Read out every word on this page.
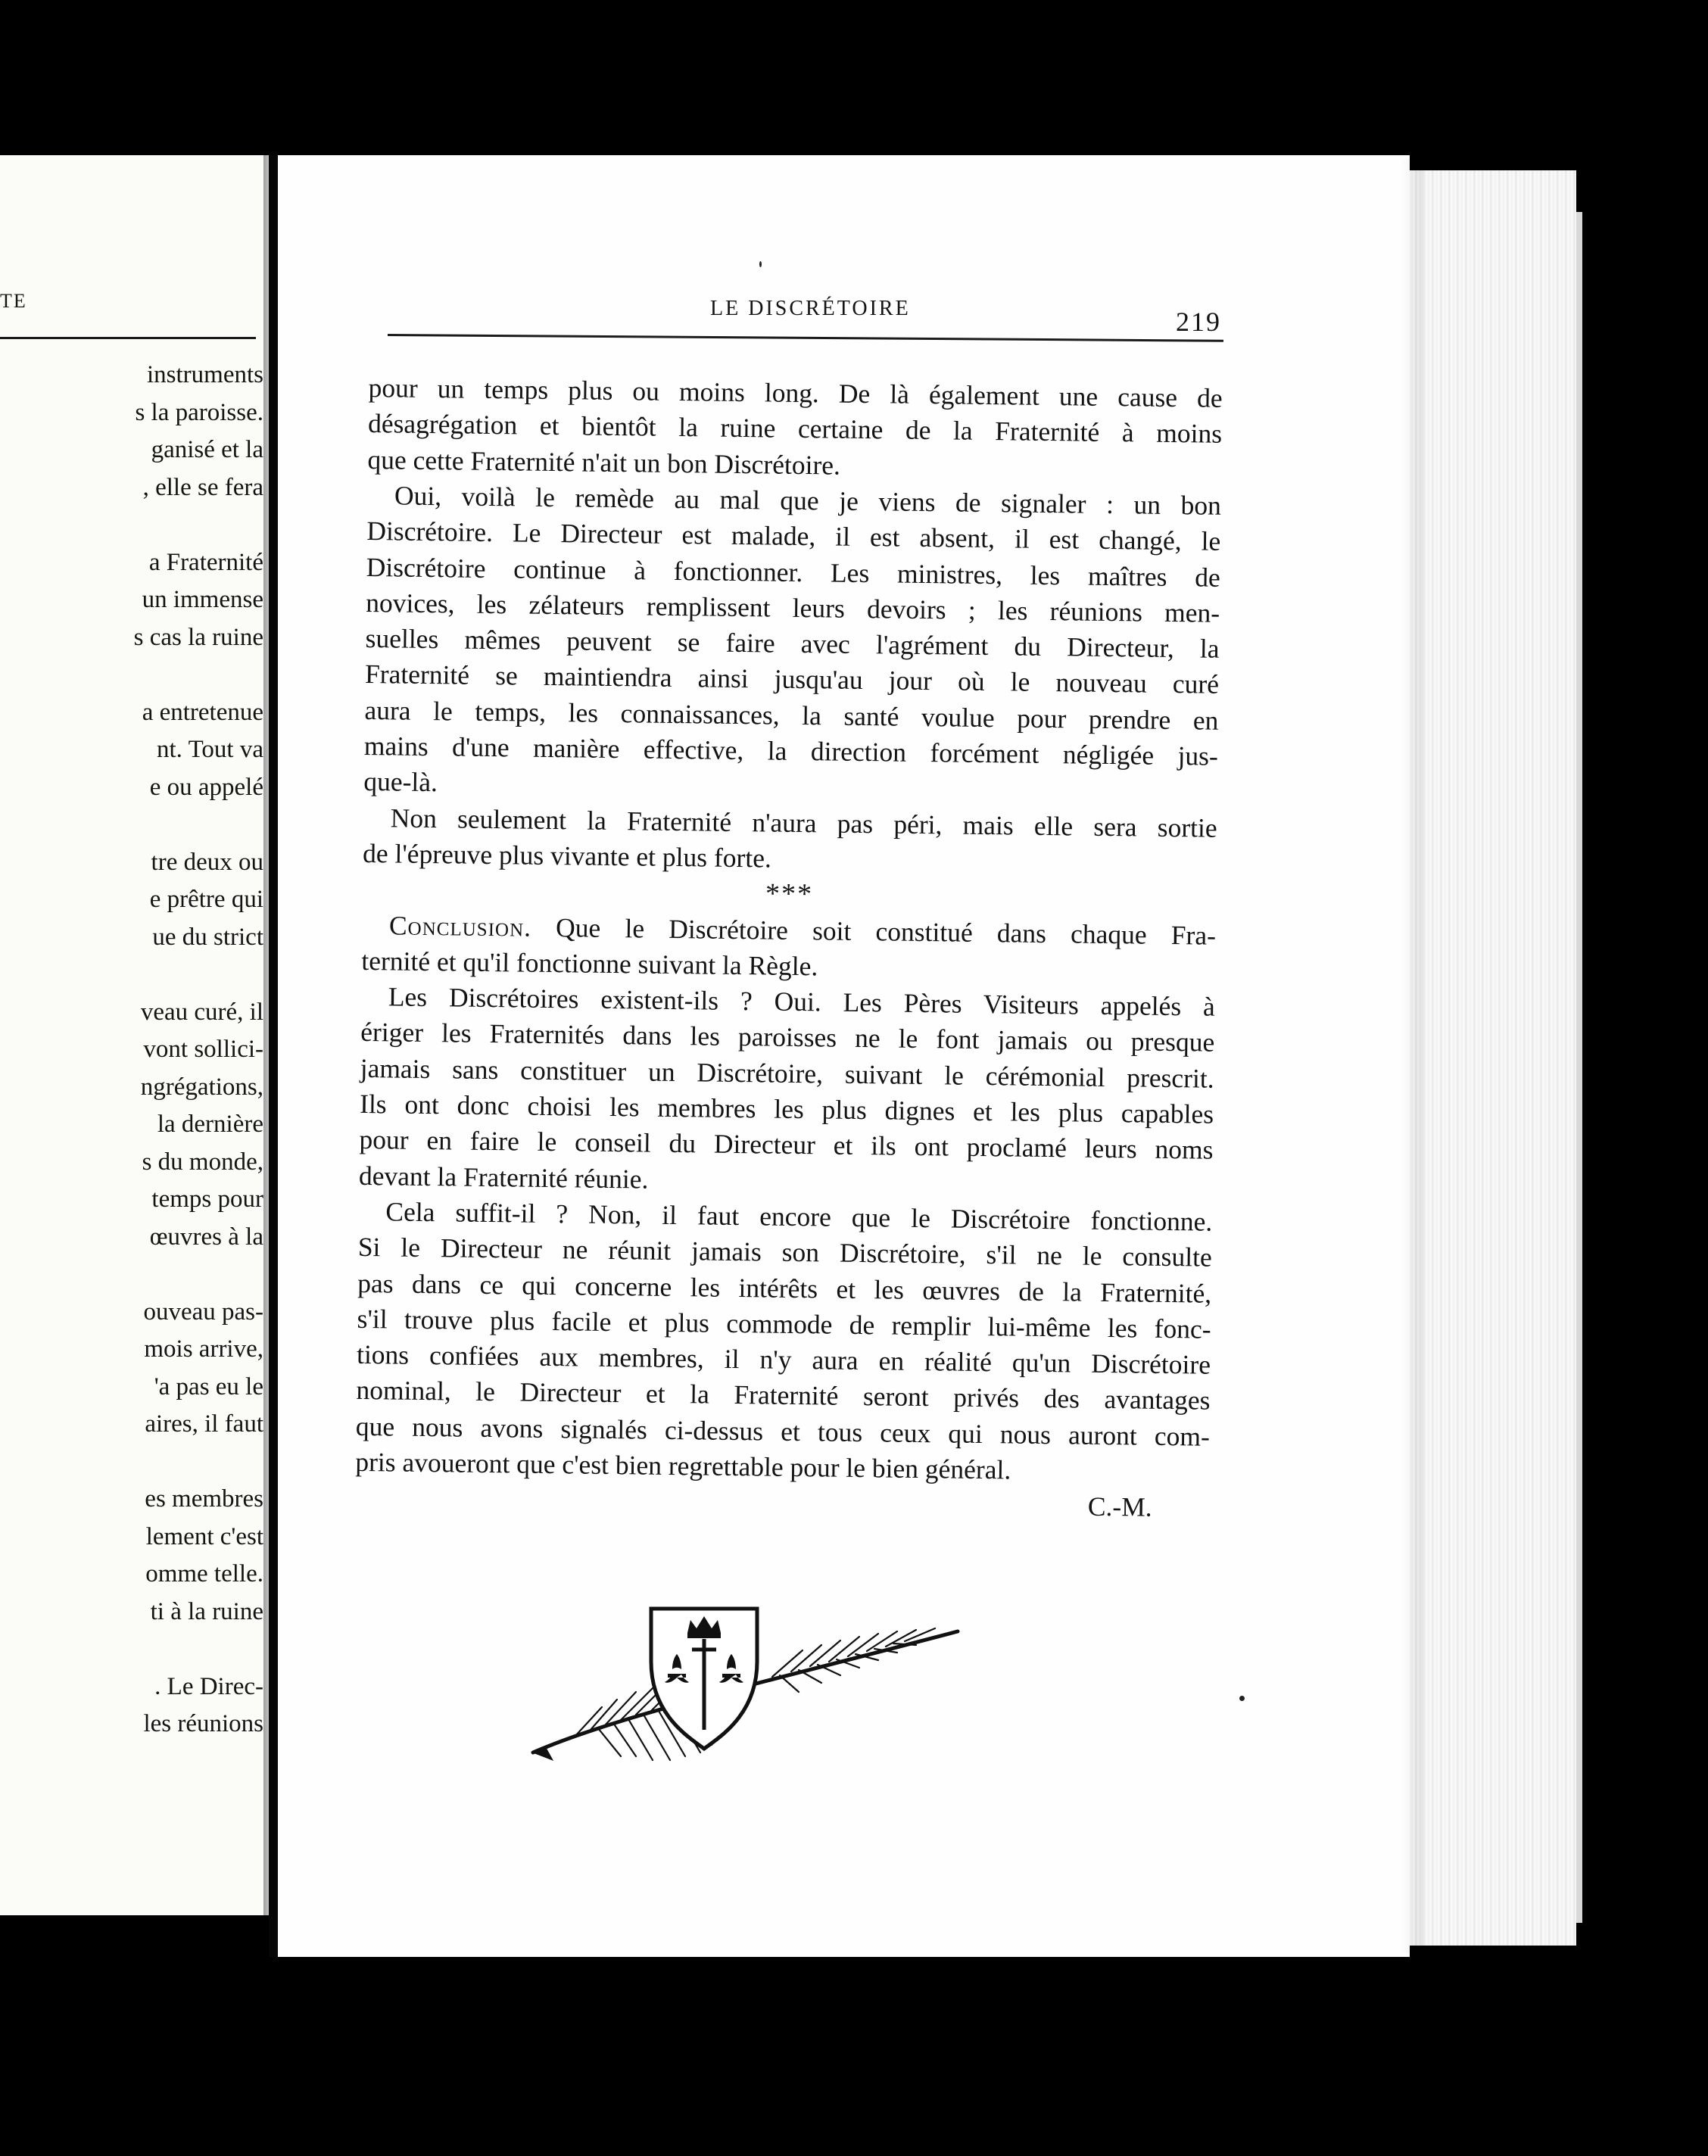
TE
instruments
s la paroisse.
ganisé et la
, elle se fera
a Fraternité
un immense
s cas la ruine
a entretenue
nt. Tout va
e ou appelé
tre deux ou
e prêtre qui
ue du strict
veau curé, il
vont sollici-
ngrégations,
la dernière
s du monde,
temps pour
œuvres à la
ouveau pas-
mois arrive,
'a pas eu le
aires, il faut
es membres
lement c'est
omme telle.
ti à la ruine
. Le Direc-
les réunions
LE DISCRÉTOIRE	219
pour un temps plus ou moins long. De là également une cause de
désagrégation et bientôt la ruine certaine de la Fraternité à moins
que cette Fraternité n'ait un bon Discrétoire.
Oui, voilà le remède au mal que je viens de signaler : un bon
Discrétoire. Le Directeur est malade, il est absent, il est changé, le
Discrétoire continue à fonctionner. Les ministres, les maîtres de
novices, les zélateurs remplissent leurs devoirs ; les réunions men-
suelles mêmes peuvent se faire avec l'agrément du Directeur, la
Fraternité se maintiendra ainsi jusqu'au jour où le nouveau curé
aura le temps, les connaissances, la santé voulue pour prendre en
mains d'une manière effective, la direction forcément négligée jus-
que-là.
Non seulement la Fraternité n'aura pas péri, mais elle sera sortie
de l'épreuve plus vivante et plus forte.
***
Conclusion. Que le Discrétoire soit constitué dans chaque Fra-
ternité et qu'il fonctionne suivant la Règle.
Les Discrétoires existent-ils ? Oui. Les Pères Visiteurs appelés à
ériger les Fraternités dans les paroisses ne le font jamais ou presque
jamais sans constituer un Discrétoire, suivant le cérémonial prescrit.
Ils ont donc choisi les membres les plus dignes et les plus capables
pour en faire le conseil du Directeur et ils ont proclamé leurs noms
devant la Fraternité réunie.
Cela suffit-il ? Non, il faut encore que le Discrétoire fonctionne.
Si le Directeur ne réunit jamais son Discrétoire, s'il ne le consulte
pas dans ce qui concerne les intérêts et les œuvres de la Fraternité,
s'il trouve plus facile et plus commode de remplir lui-même les fonc-
tions confiées aux membres, il n'y aura en réalité qu'un Discrétoire
nominal, le Directeur et la Fraternité seront privés des avantages
que nous avons signalés ci-dessus et tous ceux qui nous auront com-
pris avoueront que c'est bien regrettable pour le bien général.
C.-M.
